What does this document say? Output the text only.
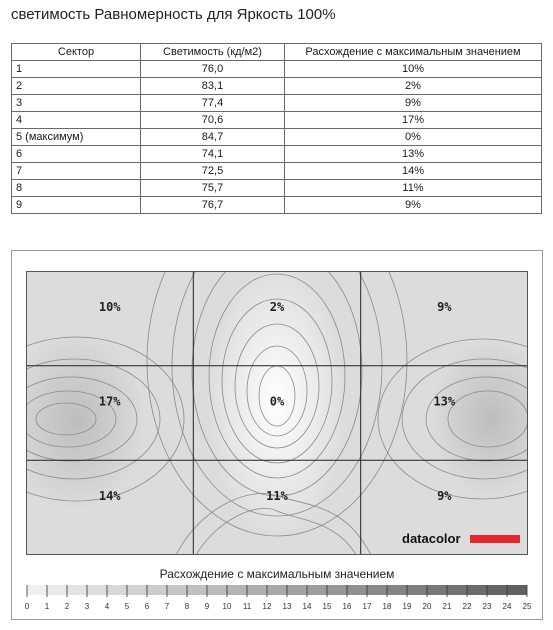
светимость Равномерность для Яркость 100%
Сектор	Светимость (кд/м2)	Расхождение с максимальным значением
1	76,0	10%
2	83,1	2%
3	77,4	9%
4	70,6	17%
5 (максимум)	84,7	0%
6	74,1	13%
7	72,5	14%
8	75,7	11%
9	76,7	9%
10%	2%	9%
17%	0%	13%
14%	11%	9%
datacolor
Расхождение с максимальным значением
0 1 2 3 4 5 6 7 8 9 10 11 12 13 14 15 16 17 18 19 20 21 22 23 24 25
